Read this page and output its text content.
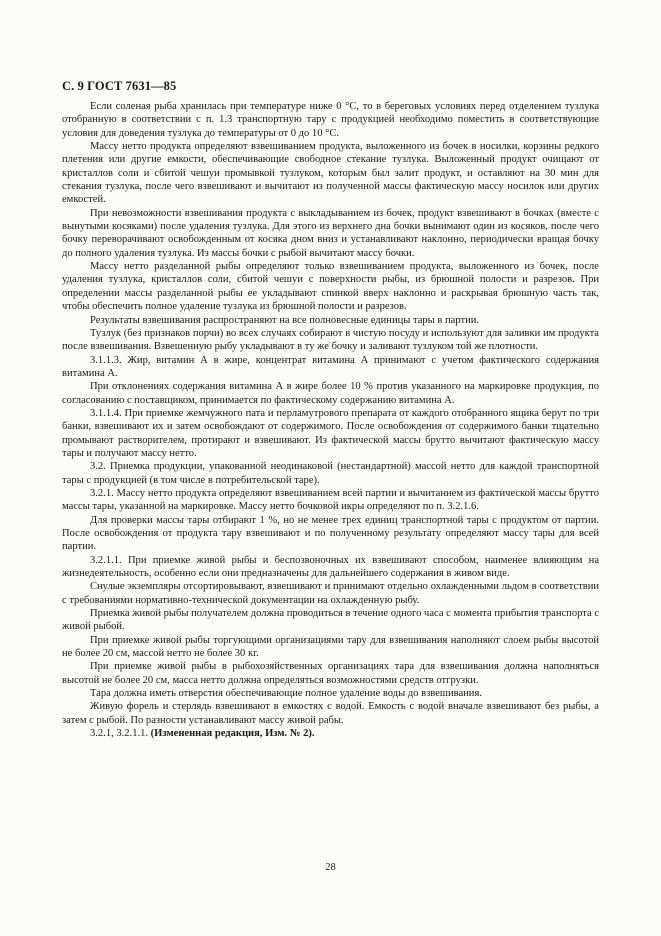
С. 9 ГОСТ 7631—85

Если соленая рыба хранилась при температуре ниже 0 °С, то в береговых условиях перед отделением тузлука отобранную в соответствии с п. 1.3 транспортную тару с продукцией необходимо поместить в соответствующие условия для доведения тузлука до температуры от 0 до 10 °С.

Массу нетто продукта определяют взвешиванием продукта, выложенного из бочек в носилки, корзины редкого плетения или другие емкости, обеспечивающие свободное стекание тузлука. Выложенный продукт очищают от кристаллов соли и сбитой чешуи промывкой тузлуком, которым был залит продукт, и оставляют на 30 мин для стекания тузлука, после чего взвешивают и вычитают из полученной массы фактическую массу носилок или других емкостей.

При невозможности взвешивания продукта с выкладыванием из бочек, продукт взвешивают в бочках (вместе с вынутыми косяками) после удаления тузлука. Для этого из верхнего дна бочки вынимают один из косяков, после чего бочку переворачивают освобожденным от косяка дном вниз и устанавливают наклонно, периодически вращая бочку до полного удаления тузлука. Из массы бочки с рыбой вычитают массу бочки.

Массу нетто разделанной рыбы определяют только взвешиванием продукта, выложенного из бочек, после удаления тузлука, кристаллов соли, сбитой чешуи с поверхности рыбы, из брюшной полости и разрезов. При определении массы разделанной рыбы ее укладывают спинкой вверх наклонно и раскрывая брюшную часть так, чтобы обеспечить полное удаление тузлука из брюшной полости и разрезов.

Результаты взвешивания распространяют на все полновесные единицы тары в партии.

Тузлук (без признаков порчи) во всех случаях собирают в чистую посуду и используют для заливки им продукта после взвешивания. Взвешенную рыбу укладывают в ту же бочку и заливают тузлуком той же плотности.

3.1.1.3. Жир, витамин А в жире, концентрат витамина А принимают с учетом фактического содержания витамина А.

При отклонениях содержания витамина А в жире более 10 % против указанного на маркировке продукция, по согласованию с поставщиком, принимается по фактическому содержанию витамина А.

3.1.1.4. При приемке жемчужного пата и перламутрового препарата от каждого отобранного ящика берут по три банки, взвешивают их и затем освобождают от содержимого. После освобождения от содержимого банки тщательно промывают растворителем, протирают и взвешивают. Из фактической массы брутто вычитают фактическую массу тары и получают массу нетто.

3.2. Приемка продукции, упакованной неодинаковой (нестандартной) массой нетто для каждой транспортной тары с продукцией (в том числе в потребительской таре).

3.2.1. Массу нетто продукта определяют взвешиванием всей партии и вычитанием из фактической массы брутто массы тары, указанной на маркировке. Массу нетто бочковой икры определяют по п. 3.2.1.6.

Для проверки массы тары отбирают 1 %, но не менее трех единиц транспортной тары с продуктом от партии. После освобождения от продукта тару взвешивают и по полученному результату определяют массу тары для всей партии.

3.2.1.1. При приемке живой рыбы и беспозвоночных их взвешивают способом, наименее влияющим на жизнедеятельность, особенно если они предназначены для дальнейшего содержания в живом виде.

Снулые экземпляры отсортировывают, взвешивают и принимают отдельно охлажденными льдом в соответствии с требованиями нормативно-технической документации на охлажденную рыбу.

Приемка живой рыбы получателем должна проводиться в течение одного часа с момента прибытия транспорта с живой рыбой.

При приемке живой рыбы торгующими организациями тару для взвешивания наполняют слоем рыбы высотой не более 20 см, массой нетто не более 30 кг.

При приемке живой рыбы в рыбохозяйственных организациях тара для взвешивания должна наполняться высотой не более 20 см, масса нетто должна определяться возможностями средств отгрузки.

Тара должна иметь отверстия обеспечивающие полное удаление воды до взвешивания.

Живую форель и стерлядь взвешивают в емкостях с водой. Емкость с водой вначале взвешивают без рыбы, а затем с рыбой. По разности устанавливают массу живой рабы.

3.2.1, 3.2.1.1. (Измененная редакция, Изм. № 2).

28
